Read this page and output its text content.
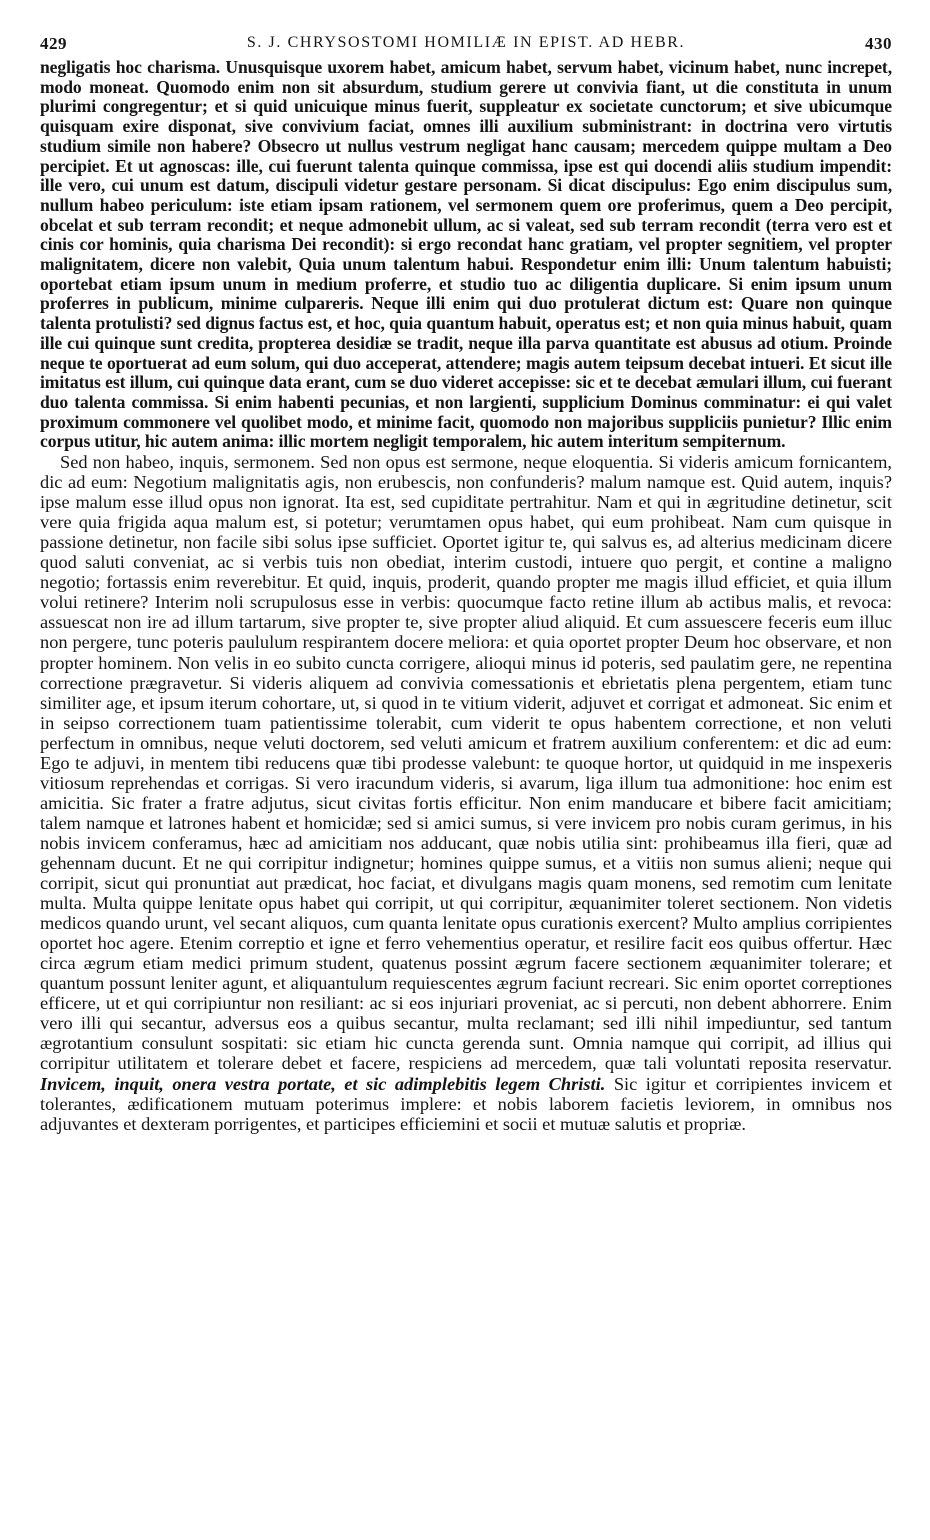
429	S. J. CHRYSOSTOMI HOMILIÆ IN EPIST. AD HEBR.	430

negligatis hoc charisma. Unusquisque uxorem habet, amicum habet, servum habet, vicinum habet, nunc increpet, modo moneat. Quomodo enim non sit absurdum, studium gerere ut convivia fiant, ut die constituta in unum plurimi congregentur; et si quid unicuique minus fuerit, suppleatur ex societate cunctorum; et sive ubicumque quisquam exire disponat, sive convivium faciat, omnes illi auxilium subministrant: in doctrina vero virtutis studium simile non habere? Obsecro ut nullus vestrum negligat hanc causam; mercedem quippe multam a Deo percipiet. Et ut agnoscas: ille, cui fuerunt talenta quinque commissa, ipse est qui docendi aliis studium impendit: ille vero, cui unum est datum, discipuli videtur gestare personam. Si dicat discipulus: Ego enim discipulus sum, nullum habeo periculum: iste etiam ipsam rationem, vel sermonem quem ore proferimus, quem a Deo percipit, obcelat et sub terram recondit; et neque admonebit ullum, ac si valeat, sed sub terram recondit (terra vero est et cinis cor hominis, quia charisma Dei recondit): si ergo recondat hanc gratiam, vel propter segnitiem, vel propter malignitatem, dicere non valebit, Quia unum talentum habui. Respondetur enim illi: Unum talentum habuisti; oportebat etiam ipsum unum in medium proferre, et studio tuo ac diligentia duplicare. Si enim ipsum unum proferres in publicum, minime culpareris. Neque illi enim qui duo protulerat dictum est: Quare non quinque talenta protulisti? sed dignus factus est, et hoc, quia quantum habuit, operatus est; et non quia minus habuit, quam ille cui quinque sunt credita, propterea desidiæ se tradit, neque illa parva quantitate est abusus ad otium. Proinde neque te oportuerat ad eum solum, qui duo acceperat, attendere; magis autem teipsum decebat intueri. Et sicut ille imitatus est illum, cui quinque data erant, cum se duo videret accepisse: sic et te decebat æmulari illum, cui fuerant duo talenta commissa. Si enim habenti pecunias, et non largienti, supplicium Dominus comminatur: ei qui valet proximum commonere vel quolibet modo, et minime facit, quomodo non majoribus suppliciis punietur? Illic enim corpus utitur, hic autem anima: illic mortem negligit temporalem, hic autem interitum sempiternum.

Sed non habeo, inquis, sermonem. Sed non opus est sermone, neque eloquentia. Si videris amicum fornicantem, dic ad eum: Negotium malignitatis agis, non erubescis, non confunderis? malum namque est. Quid autem, inquis? ipse malum esse illud opus non ignorat. Ita est, sed cupiditate pertrahitur. Nam et qui in ægritudine detinetur, scit vere quia frigida aqua malum est, si potetur; verumtamen opus habet, qui eum prohibeat. Nam cum quisque in passione detinetur, non facile sibi solus ipse sufficiet. Oportet igitur te, qui salvus es, ad alterius medicinam dicere quod saluti conveniat, ac si verbis tuis non obediat, interim custodi, intuere quo pergit, et contine a maligno negotio; fortassis enim reverebitur. Et quid, inquis, proderit, quando propter me magis illud efficiet, et quia illum volui retinere? Interim noli scrupulosus esse in verbis: quocumque facto retine illum ab actibus malis, et revoca: assuescat non ire ad illum tartarum, sive propter te, sive propter aliud aliquid. Et cum assuescere feceris eum illuc non pergere, tunc poteris paululum respirantem docere meliora: et quia oportet propter Deum hoc observare, et non propter hominem. Non velis in eo subito cuncta corrigere, alioqui minus id poteris, sed paulatim gere, ne repentina correctione prægravetur. Si videris aliquem ad convivia comessationis et ebrietatis plena pergentem, etiam tunc similiter age, et ipsum iterum cohortare, ut, si quod in te vitium viderit, adjuvet et corrigat et admoneat. Sic enim et in seipso correctionem tuam patientissime tolerabit, cum viderit te opus habentem correctione, et non veluti perfectum in omnibus, neque veluti doctorem, sed veluti amicum et fratrem auxilium conferentem: et dic ad eum: Ego te adjuvi, in mentem tibi reducens quæ tibi prodesse valebunt: te quoque hortor, ut quidquid in me inspexeris vitiosum reprehendas et corrigas. Si vero iracundum videris, si avarum, liga illum tua admonitione: hoc enim est amicitia. Sic frater a fratre adjutus, sicut civitas fortis efficitur. Non enim manducare et bibere facit amicitiam; talem namque et latrones habent et homicidæ; sed si amici sumus, si vere invicem pro nobis curam gerimus, in his nobis invicem conferamus, hæc ad amicitiam nos adducant, quæ nobis utilia sint: prohibeamus illa fieri, quæ ad gehennam ducunt. Et ne qui corripitur indignetur; homines quippe sumus, et a vitiis non sumus alieni; neque qui corripit, sicut qui pronuntiat aut prædicat, hoc faciat, et divulgans magis quam monens, sed remotim cum lenitate multa. Multa quippe lenitate opus habet qui corripit, ut qui corripitur, æquanimiter toleret sectionem. Non videtis medicos quando urunt, vel secant aliquos, cum quanta lenitate opus curationis exercent? Multo amplius corripientes oportet hoc agere. Etenim correptio et igne et ferro vehementius operatur, et resilire facit eos quibus offertur. Hæc circa ægrum etiam medici primum student, quatenus possint ægrum facere sectionem æquanimiter tolerare; et quantum possunt leniter agunt, et aliquantulum requiescentes ægrum faciunt recreari. Sic enim oportet correptiones efficere, ut et qui corripiuntur non resiliant: ac si eos injuriari proveniat, ac si percuti, non debent abhorrere. Enim vero illi qui secantur, adversus eos a quibus secantur, multa reclamant; sed illi nihil impediuntur, sed tantum ægrotantium consulunt sospitati: sic etiam hic cuncta gerenda sunt. Omnia namque qui corripit, ad illius qui corripitur utilitatem et tolerare debet et facere, respiciens ad mercedem, quæ tali voluntati reposita reservatur. Invicem, inquit, onera vestra portate, et sic adimplebitis legem Christi. Sic igitur et corripientes invicem et tolerantes, ædificationem mutuam poterimus implere: et nobis laborem facietis leviorem, in omnibus nos adjuvantes et dexteram porrigentes, et participes efficiemini et socii et mutuæ salutis et propriæ.
